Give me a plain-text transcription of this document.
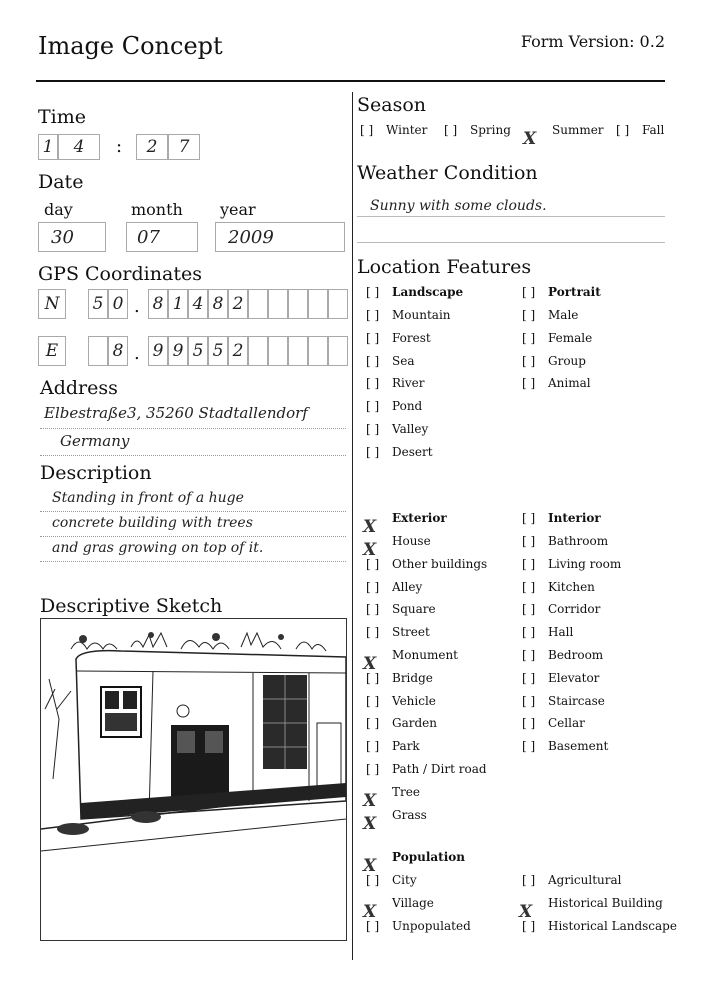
Image Concept	Form Version: 0.2
Time
1	4	:	2	7
Date
day	month year
30	07	2009
GPS Coordinates
N	5 0 . 8 1 4 8 2
E	8 . 9 9 5 5 2
Address
Elbestraße3, 35260 Stadtallendorf
Germany
Description
Standing in front of a huge
concrete building with trees
and gras growing on top of it.
Descriptive Sketch
Season
[ ] Winter [ ] Spring X Summer [ ] Fall
Weather Condition
Sunny with some clouds.
Location Features
[ ] Landscape
[ ] Mountain
[ ] Forest
[ ] Sea
[ ] River
[ ] Pond
[ ] Valley
[ ] Desert
[ ] Portrait
[ ] Male
[ ] Female
[ ] Group
[ ] Animal
X Exterior
X House
[ ] Other buildings
[ ] Alley
[ ] Square
[ ] Street
X Monument
[ ] Bridge
[ ] Vehicle
[ ] Garden
[ ] Park
[ ] Path / Dirt road
X Tree
X Grass
[ ] Interior
[ ] Bathroom
[ ] Living room
[ ] Kitchen
[ ] Corridor
[ ] Hall
[ ] Bedroom
[ ] Elevator
[ ] Staircase
[ ] Cellar
[ ] Basement
X Population
[ ] City
X Village
[ ] Unpopulated
[ ] Agricultural
X Historical Building
[ ] Historical Landscape
